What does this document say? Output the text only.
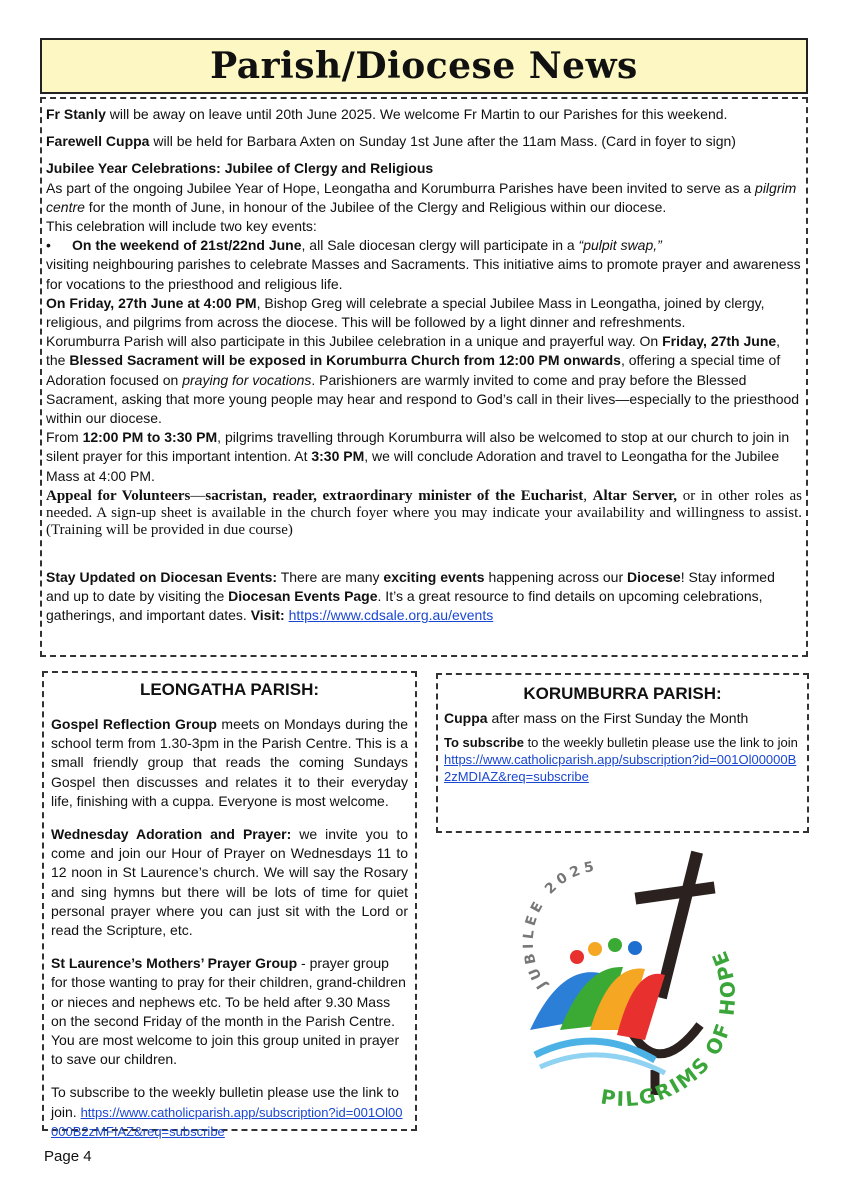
Parish/Diocese News

Fr Stanly will be away on leave until 20th June 2025. We welcome Fr Martin to our Parishes for this weekend.

Farewell Cuppa will be held for Barbara Axten on Sunday 1st June after the 11am Mass. (Card in foyer to sign)

Jubilee Year Celebrations: Jubilee of Clergy and Religious

As part of the ongoing Jubilee Year of Hope, Leongatha and Korumburra Parishes have been invited to serve as a pilgrim centre for the month of June, in honour of the Jubilee of the Clergy and Religious within our diocese.

This celebration will include two key events:

• On the weekend of 21st/22nd June, all Sale diocesan clergy will participate in a “pulpit swap,”

visiting neighbouring parishes to celebrate Masses and Sacraments. This initiative aims to promote prayer and awareness for vocations to the priesthood and religious life.

On Friday, 27th June at 4:00 PM, Bishop Greg will celebrate a special Jubilee Mass in Leongatha, joined by clergy, religious, and pilgrims from across the diocese. This will be followed by a light dinner and refreshments.

Korumburra Parish will also participate in this Jubilee celebration in a unique and prayerful way. On Friday, 27th June, the Blessed Sacrament will be exposed in Korumburra Church from 12:00 PM onwards, offering a special time of Adoration focused on praying for vocations. Parishioners are warmly invited to come and pray before the Blessed Sacrament, asking that more young people may hear and respond to God’s call in their lives—especially to the priesthood within our diocese.

From 12:00 PM to 3:30 PM, pilgrims travelling through Korumburra will also be welcomed to stop at our church to join in silent prayer for this important intention. At 3:30 PM, we will conclude Adoration and travel to Leongatha for the Jubilee Mass at 4:00 PM.

Appeal for Volunteers—sacristan, reader, extraordinary minister of the Eucharist, Altar Server, or in other roles as needed. A sign-up sheet is available in the church foyer where you may indicate your availability and willingness to assist. (Training will be provided in due course)

Stay Updated on Diocesan Events: There are many exciting events happening across our Diocese! Stay informed and up to date by visiting the Diocesan Events Page. It’s a great resource to find details on upcoming celebrations, gatherings, and important dates. Visit: https://www.cdsale.org.au/events

LEONGATHA PARISH:

Gospel Reflection Group meets on Mondays during the school term from 1.30-3pm in the Parish Centre. This is a small friendly group that reads the coming Sundays Gospel then discusses and relates it to their everyday life, finishing with a cuppa. Everyone is most welcome.

Wednesday Adoration and Prayer: we invite you to come and join our Hour of Prayer on Wednesdays 11 to 12 noon in St Laurence’s church. We will say the Rosary and sing hymns but there will be lots of time for quiet personal prayer where you can just sit with the Lord or read the Scripture, etc.

St Laurence’s Mothers’ Prayer Group - prayer group for those wanting to pray for their children, grand-children or nieces and nephews etc. To be held after 9.30 Mass on the second Friday of the month in the Parish Centre. You are most welcome to join this group united in prayer to save our children.

To subscribe to the weekly bulletin please use the link to join. https://www.catholicparish.app/subscription?id=001Ol00000B2zMFIAZ&req=subscribe

KORUMBURRA PARISH:

Cuppa after mass on the First Sunday the Month

To subscribe to the weekly bulletin please use the link to join https://www.catholicparish.app/subscription?id=001Ol00000B2zMDIAZ&req=subscribe

JUBILEE 2025
PILGRIMS OF E
Page 4
